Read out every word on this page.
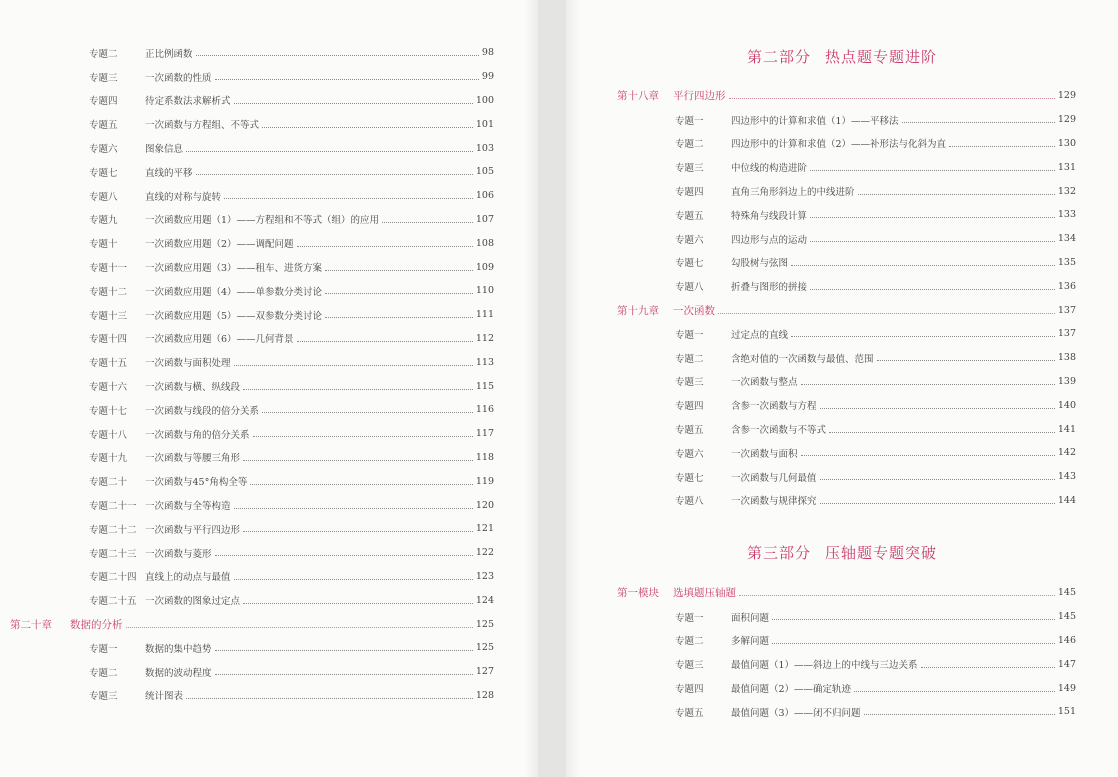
专题二	正比例函数	98
专题三	一次函数的性质	99
专题四	待定系数法求解析式	100
专题五	一次函数与方程组、不等式	101
专题六	图象信息	103
专题七	直线的平移	105
专题八	直线的对称与旋转	106
专题九	一次函数应用题（1）——方程组和不等式（组）的应用	107
专题十	一次函数应用题（2）——调配问题	108
专题十一 一次函数应用题（3）——租车、进货方案	109
专题十二 一次函数应用题（4）——单参数分类讨论	110
专题十三 一次函数应用题（5）——双参数分类讨论	111
专题十四 一次函数应用题（6）——几何背景	112
专题十五 一次函数与面积处理	113
专题十六 一次函数与横、纵线段	115
专题十七 一次函数与线段的倍分关系	116
专题十八 一次函数与角的倍分关系	117
专题十九 一次函数与等腰三角形	118
专题二十 一次函数与45°角构全等	119
专题二十一 一次函数与全等构造	120
专题二十二 一次函数与平行四边形	121
专题二十三 一次函数与菱形	122
专题二十四 直线上的动点与最值	123
专题二十五 一次函数的图象过定点	124
第二十章 数据的分析	125
专题一	数据的集中趋势	125
专题二	数据的波动程度	127
专题三	统计图表	128
第二部分 热点题专题进阶
第十八章 平行四边形	129
专题一	四边形中的计算和求值（1）——平移法	129
专题二	四边形中的计算和求值（2）——补形法与化斜为直	130
专题三	中位线的构造进阶	131
专题四	直角三角形斜边上的中线进阶	132
专题五	特殊角与线段计算	133
专题六	四边形与点的运动	134
专题七	勾股树与弦图	135
专题八	折叠与图形的拼接	136
第十九章 一次函数	137
专题一	过定点的直线	137
专题二	含绝对值的一次函数与最值、范围	138
专题三	一次函数与整点	139
专题四	含参一次函数与方程	140
专题五	含参一次函数与不等式	141
专题六	一次函数与面积	142
专题七	一次函数与几何最值	143
专题八	一次函数与规律探究	144
第三部分 压轴题专题突破
第一模块 选填题压轴题	145
专题一	面积问题	145
专题二	多解问题	146
专题三	最值问题（1）——斜边上的中线与三边关系	147
专题四	最值问题（2）——确定轨迹	149
专题五	最值问题（3）——闭不归问题	151
